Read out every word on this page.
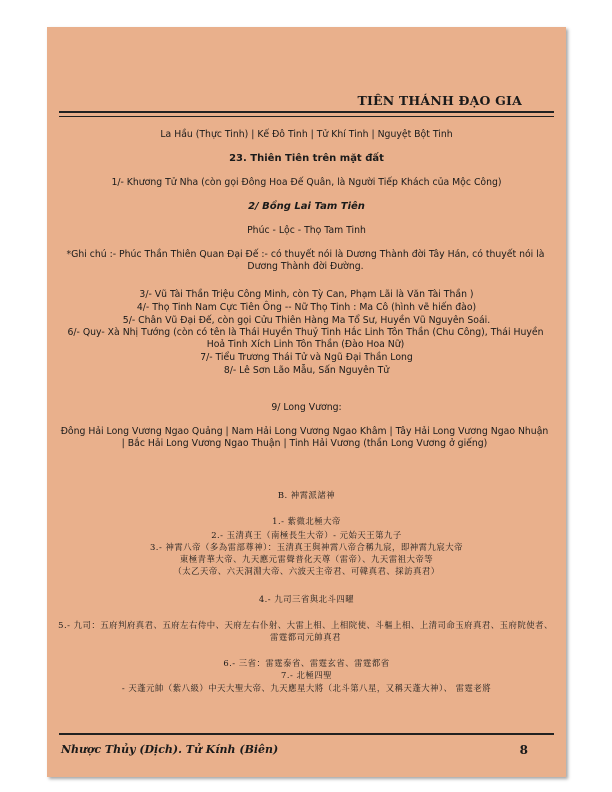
TIÊN THÁNH ĐẠO GIA
La Hầu (Thực Tinh) | Kế Đô Tinh | Tử Khí Tinh | Nguyệt Bột Tinh
23. Thiên Tiên trên mặt đất
1/- Khương Tử Nha (còn gọi Đông Hoa Đế Quân, là Người Tiếp Khách của Mộc Công)
2/ Bồng Lai Tam Tiên
Phúc - Lộc - Thọ Tam Tinh
*Ghi chú :- Phúc Thần Thiên Quan Đại Đế :- có thuyết nói là Dương Thành đời Tây Hán, có thuyết nói là Dương Thành đời Đường.
3/- Vũ Tài Thần Triệu Công Minh, còn Tỳ Can, Phạm Lãi là Văn Tài Thần )
4/- Thọ Tinh Nam Cực Tiên Ông -- Nữ Thọ Tinh : Ma Cô (hình vẽ hiến đào)
5/- Chân Vũ Đại Đế, còn gọi Cửu Thiên Hàng Ma Tổ Sư, Huyền Vũ Nguyên Soái.
6/- Quy- Xà Nhị Tướng (còn có tên là Thái Huyền Thuỷ Tinh Hắc Linh Tôn Thần (Chu Công), Thái Huyền Hoả Tinh Xích Linh Tôn Thần (Đào Hoa Nữ)
7/- Tiểu Trương Thái Tử và Ngũ Đại Thần Long
8/- Lê Sơn Lão Mẫu, Sấn Nguyên Tử
9/ Long Vương:
Đông Hải Long Vương Ngao Quảng | Nam Hải Long Vương Ngao Khâm | Tây Hải Long Vương Ngao Nhuận | Bắc Hải Long Vương Ngao Thuận | Tinh Hải Vương (thần Long Vương ở giếng)
B. 神霄派諸神
1.- 紫微北極大帝
2.- 玉清真王（南極長生大帝）- 元始天王第九子
3.- 神霄八帝（多為雷部尊神）：玉清真王與神霄八帝合稱九宸，即神霄九宸大帝
東極青華大帝、九天應元雷聲普化天尊（雷帝）、九天雷祖大帝等
（太乙天帝、六天洞淵大帝、六波天主帝君、可韓真君、採訪真君）
4.- 九司三省與北斗四曜
5.- 九司：五府判府真君、五府左右侍中、天府左右仆射、大雷上相、上相院使、斗樞上相、上清司命玉府真君、玉府院使者、雷霆都司元帥真君
6.- 三省：雷霆泰省、雷霆玄省、雷霆都省
7.- 北極四聖
- 天蓬元帥（紫八級）中天大聖大帝、九天應星大將（北斗第八星，又稱天蓬大神）、 雷霆老將
Nhược Thủy (Dịch). Tử Kính (Biên)	8
